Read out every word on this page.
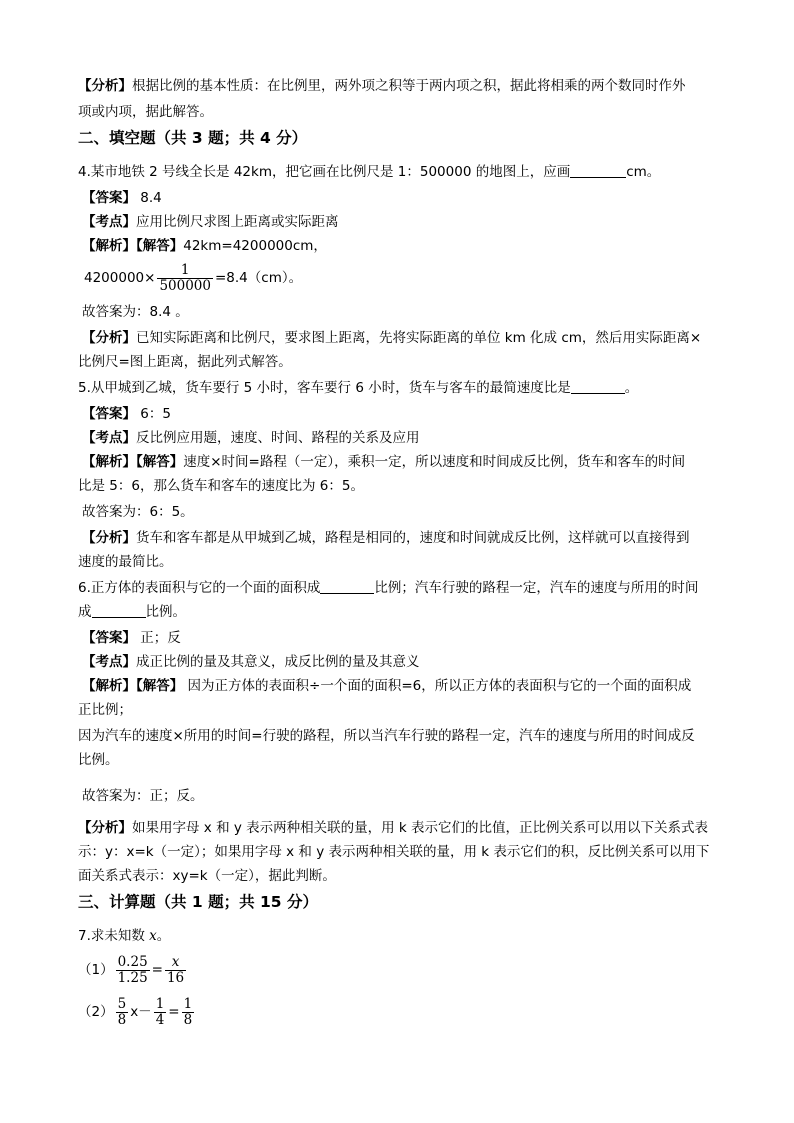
【分析】根据比例的基本性质：在比例里，两外项之积等于两内项之积，据此将相乘的两个数同时作外
项或内项，据此解答。
二、填空题（共 3 题；共 4 分）
4.某市地铁 2 号线全长是 42km，把它画在比例尺是 1：500000 的地图上，应画	cm。
【答案】 8.4
【考点】应用比例尺求图上距离或实际距离
【解析】【解答】42km=4200000cm，
$4200000\times \frac{1}{500000} =8.4(cm)$。
故答案为：8.4 。
【分析】已知实际距离和比例尺，要求图上距离，先将实际距离的单位 km 化成 cm，然后用实际距离×
比例尺=图上距离，据此列式解答。
5.从甲城到乙城，货车要行 5 小时，客车要行 6 小时，货车与客车的最简速度比是	。
【答案】 6：5
【考点】反比例应用题，速度、时间、路程的关系及应用
【解析】【解答】速度×时间=路程（一定），乘积一定，所以速度和时间成反比例，货车和客车的时间
比是 5：6，那么货车和客车的速度比为 6：5。
故答案为：6：5。
【分析】货车和客车都是从甲城到乙城，路程是相同的，速度和时间就成反比例，这样就可以直接得到
速度的最简比。
6.正方体的表面积与它的一个面的面积成	比例；汽车行驶的路程一定，汽车的速度与所用的时间
成	比例。
【答案】 正；反
【考点】成正比例的量及其意义，成反比例的量及其意义
【解析】【解答】 因为正方体的表面积÷一个面的面积=6，所以正方体的表面积与它的一个面的面积成
正比例；
因为汽车的速度×所用的时间=行驶的路程，所以当汽车行驶的路程一定，汽车的速度与所用的时间成反
比例。
故答案为：正；反。
【分析】如果用字母 x 和 y 表示两种相关联的量，用 k 表示它们的比值，正比例关系可以用以下关系式表
示：y：x=k（一定）；如果用字母 x 和 y 表示两种相关联的量，用 k 表示它们的积，反比例关系可以用下
面关系式表示：xy=k（一定），据此判断。
三、计算题（共 1 题；共 15 分）
7.求未知数 x。
$(1) \frac{0.25}{1.25} = \frac{x}{16}$
$(2) \frac{5}{8} x- \frac{1}{4} = \frac{1}{8}$
